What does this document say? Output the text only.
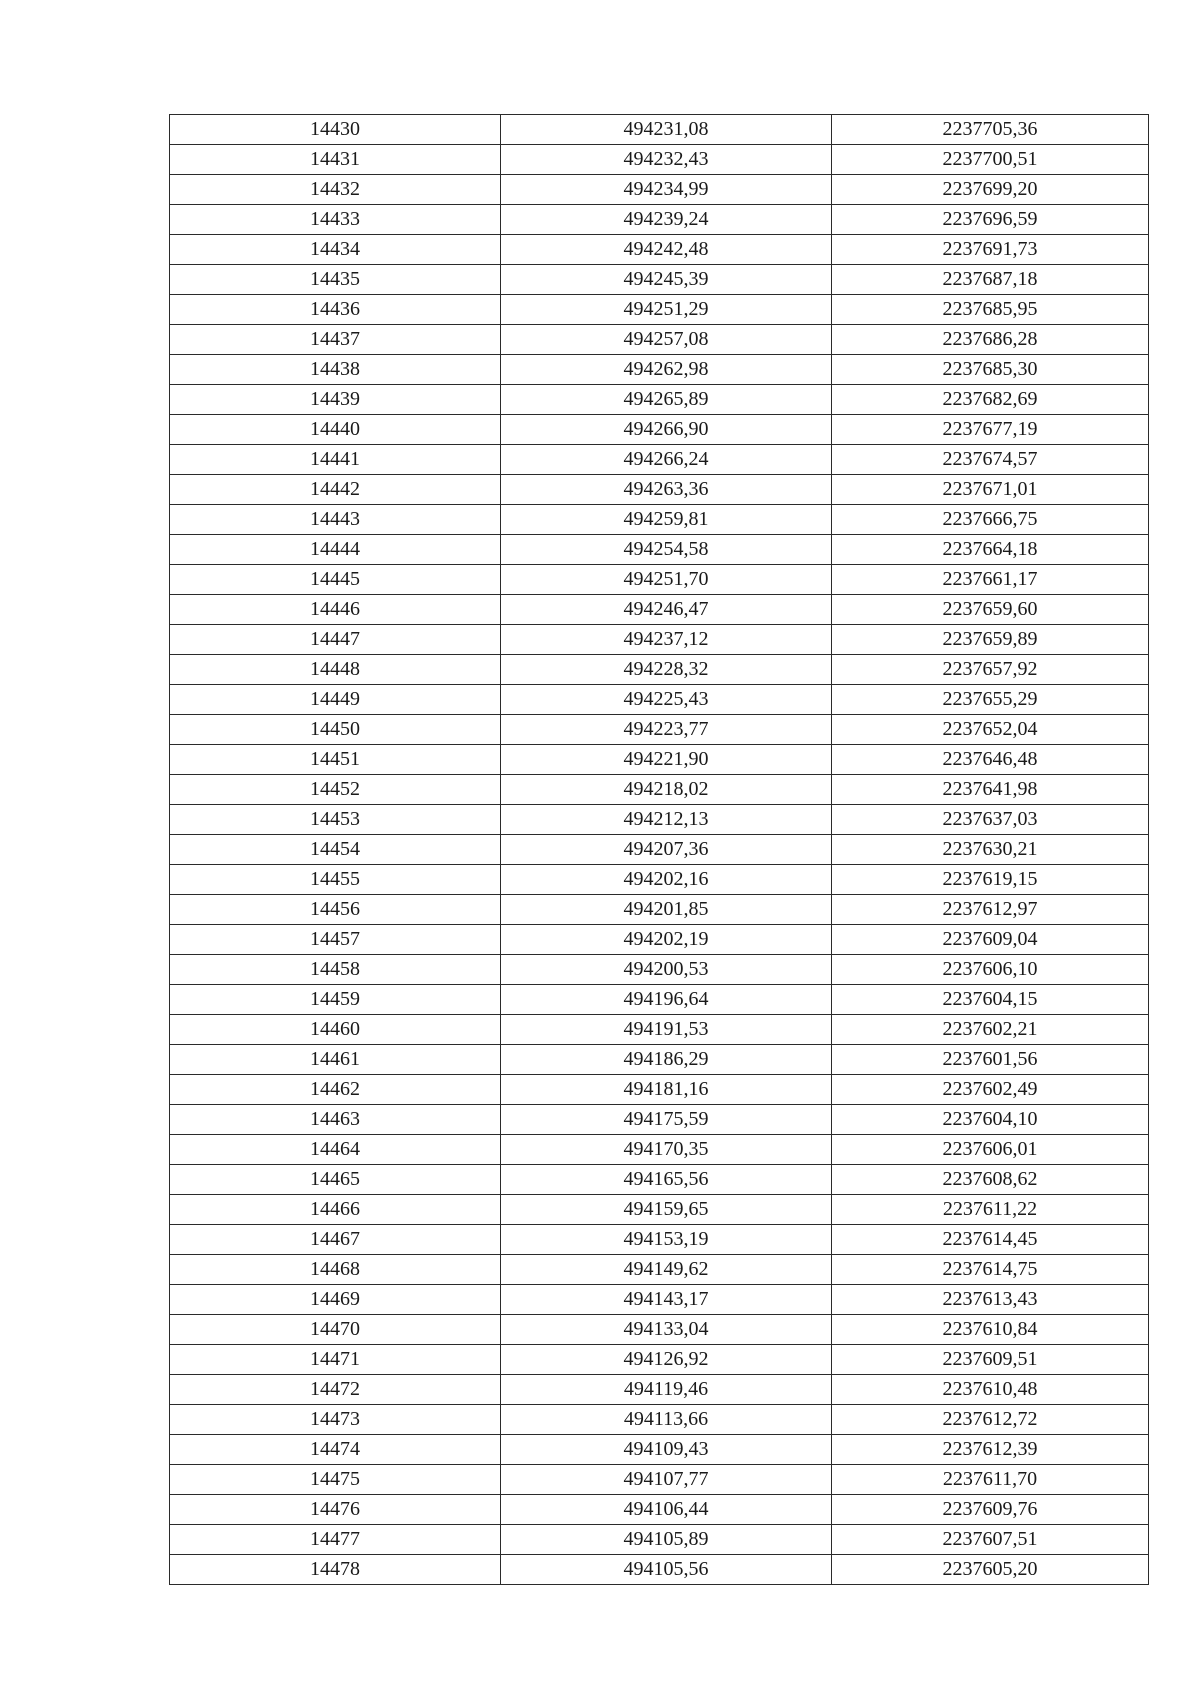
14430	494231,08	2237705,36
14431	494232,43	2237700,51
14432	494234,99	2237699,20
14433	494239,24	2237696,59
14434	494242,48	2237691,73
14435	494245,39	2237687,18
14436	494251,29	2237685,95
14437	494257,08	2237686,28
14438	494262,98	2237685,30
14439	494265,89	2237682,69
14440	494266,90	2237677,19
14441	494266,24	2237674,57
14442	494263,36	2237671,01
14443	494259,81	2237666,75
14444	494254,58	2237664,18
14445	494251,70	2237661,17
14446	494246,47	2237659,60
14447	494237,12	2237659,89
14448	494228,32	2237657,92
14449	494225,43	2237655,29
14450	494223,77	2237652,04
14451	494221,90	2237646,48
14452	494218,02	2237641,98
14453	494212,13	2237637,03
14454	494207,36	2237630,21
14455	494202,16	2237619,15
14456	494201,85	2237612,97
14457	494202,19	2237609,04
14458	494200,53	2237606,10
14459	494196,64	2237604,15
14460	494191,53	2237602,21
14461	494186,29	2237601,56
14462	494181,16	2237602,49
14463	494175,59	2237604,10
14464	494170,35	2237606,01
14465	494165,56	2237608,62
14466	494159,65	2237611,22
14467	494153,19	2237614,45
14468	494149,62	2237614,75
14469	494143,17	2237613,43
14470	494133,04	2237610,84
14471	494126,92	2237609,51
14472	494119,46	2237610,48
14473	494113,66	2237612,72
14474	494109,43	2237612,39
14475	494107,77	2237611,70
14476	494106,44	2237609,76
14477	494105,89	2237607,51
14478	494105,56	2237605,20
